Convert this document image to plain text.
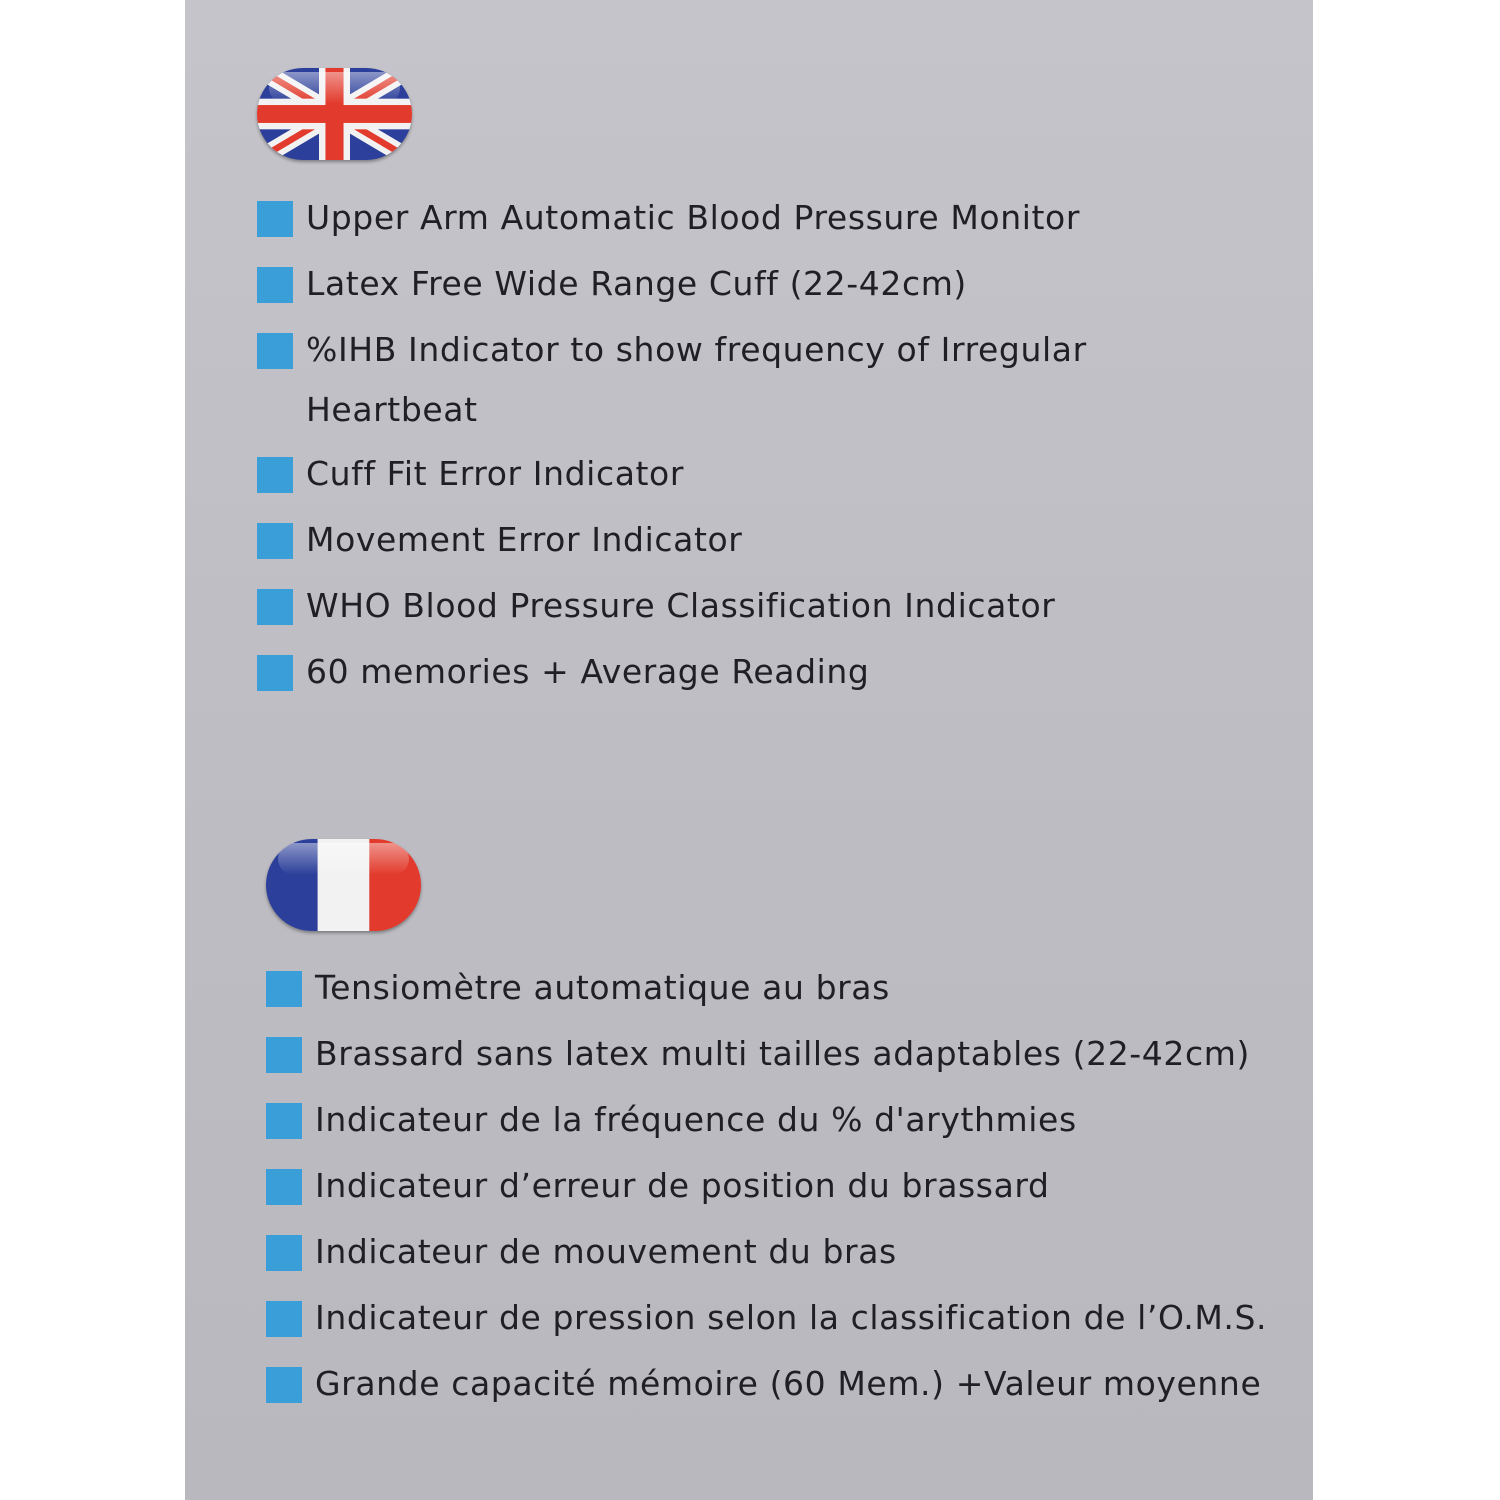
Upper Arm Automatic Blood Pressure Monitor
Latex Free Wide Range Cuff (22-42cm)
%IHB Indicator to show frequency of Irregular Heartbeat
Cuff Fit Error Indicator
Movement Error Indicator
WHO Blood Pressure Classification Indicator
60 memories + Average Reading
Tensiomètre automatique au bras
Brassard sans latex multi tailles adaptables (22-42cm)
Indicateur de la fréquence du % d'arythmies
Indicateur d’erreur de position du brassard
Indicateur de mouvement du bras
Indicateur de pression selon la classification de l’O.M.S.
Grande capacité mémoire (60 Mem.) +Valeur moyenne
